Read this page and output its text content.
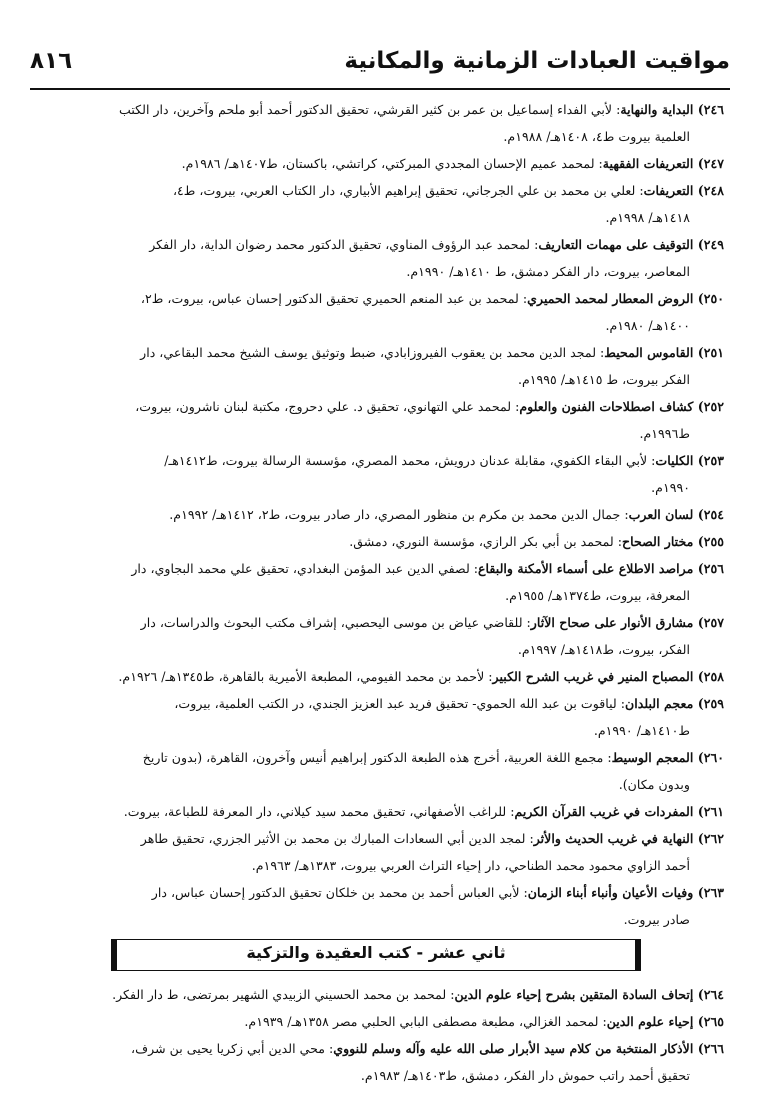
مواقيت العبادات الزمانية والمكانية
٨١٦
٢٤٦) البداية والنهاية: لأبي الفداء إسماعيل بن عمر بن كثير القرشي، تحقيق الدكتور أحمد أبو ملحم وآخرين، دار الكتب
العلمية بيروت ط٤، ١٤٠٨هـ/ ١٩٨٨م.
٢٤٧) التعريفات الفقهية: لمحمد عميم الإحسان المجددي المبركتي، كراتشي، باكستان، ط١٤٠٧هـ/ ١٩٨٦م.
٢٤٨) التعريفات: لعلي بن محمد بن علي الجرجاني، تحقيق إبراهيم الأبياري، دار الكتاب العربي، بيروت، ط٤،
١٤١٨هـ/ ١٩٩٨م.
٢٤٩) التوقيف على مهمات التعاريف: لمحمد عبد الرؤوف المناوي، تحقيق الدكتور محمد رضوان الداية، دار الفكر
المعاصر، بيروت، دار الفكر دمشق، ط ١٤١٠هـ/ ١٩٩٠م.
٢٥٠) الروض المعطار لمحمد الحميري: لمحمد بن عبد المنعم الحميري تحقيق الدكتور إحسان عباس، بيروت، ط٢،
١٤٠٠هـ/ ١٩٨٠م.
٢٥١) القاموس المحيط: لمجد الدين محمد بن يعقوب الفيروزابادي، ضبط وتوثيق يوسف الشيخ محمد البقاعي، دار
الفكر بيروت، ط ١٤١٥هـ/ ١٩٩٥م.
٢٥٢) كشاف اصطلاحات الفنون والعلوم: لمحمد علي التهانوي، تحقيق د. علي دحروج، مكتبة لبنان ناشرون، بيروت،
ط١٩٩٦م.
٢٥٣) الكليات: لأبي البقاء الكفوي، مقابلة عدنان درويش، محمد المصري، مؤسسة الرسالة بيروت، ط١٤١٢هـ/
١٩٩٠م.
٢٥٤) لسان العرب: جمال الدين محمد بن مكرم بن منظور المصري، دار صادر بيروت، ط٢، ١٤١٢هـ/ ١٩٩٢م.
٢٥٥) مختار الصحاح: لمحمد بن أبي بكر الرازي، مؤسسة النوري، دمشق.
٢٥٦) مراصد الاطلاع على أسماء الأمكنة والبقاع: لصفي الدين عبد المؤمن البغدادي، تحقيق علي محمد البجاوي، دار
المعرفة، بيروت، ط١٣٧٤هـ/ ١٩٥٥م.
٢٥٧) مشارق الأنوار على صحاح الآثار: للقاضي عياض بن موسى اليحصبي، إشراف مكتب البحوث والدراسات، دار
الفكر، بيروت، ط١٤١٨هـ/ ١٩٩٧م.
٢٥٨) المصباح المنير في غريب الشرح الكبير: لأحمد بن محمد الفيومي، المطبعة الأميرية بالقاهرة، ط١٣٤٥هـ/ ١٩٢٦م.
٢٥٩) معجم البلدان: لياقوت بن عبد الله الحموي- تحقيق فريد عبد العزيز الجندي، در الكتب العلمية، بيروت،
ط١٤١٠هـ/ ١٩٩٠م.
٢٦٠) المعجم الوسيط: مجمع اللغة العربية، أخرج هذه الطبعة الدكتور إبراهيم أنيس وآخرون، القاهرة، (بدون تاريخ
وبدون مكان).
٢٦١) المفردات في غريب القرآن الكريم: للراغب الأصفهاني، تحقيق محمد سيد كيلاني، دار المعرفة للطباعة، بيروت.
٢٦٢) النهاية في غريب الحديث والأثر: لمجد الدين أبي السعادات المبارك بن محمد بن الأثير الجزري، تحقيق طاهر
أحمد الزاوي محمود محمد الطناحي، دار إحياء التراث العربي بيروت، ١٣٨٣هـ/ ١٩٦٣م.
٢٦٣) وفيات الأعيان وأنباء أبناء الزمان: لأبي العباس أحمد بن محمد بن خلكان تحقيق الدكتور إحسان عباس، دار
صادر بيروت.
ثاني عشر - كتب العقيدة والتزكية
٢٦٤) إتحاف السادة المتقين بشرح إحياء علوم الدين: لمحمد بن محمد الحسيني الزبيدي الشهير بمرتضى، ط دار الفكر.
٢٦٥) إحياء علوم الدين: لمحمد الغزالي، مطبعة مصطفى البابي الحلبي مصر ١٣٥٨هـ/ ١٩٣٩م.
٢٦٦) الأذكار المنتخبة من كلام سيد الأبرار صلى الله عليه وآله وسلم للنووي: محي الدين أبي زكريا يحيى بن شرف،
تحقيق أحمد راتب حموش دار الفكر، دمشق، ط١٤٠٣هـ/ ١٩٨٣م.
